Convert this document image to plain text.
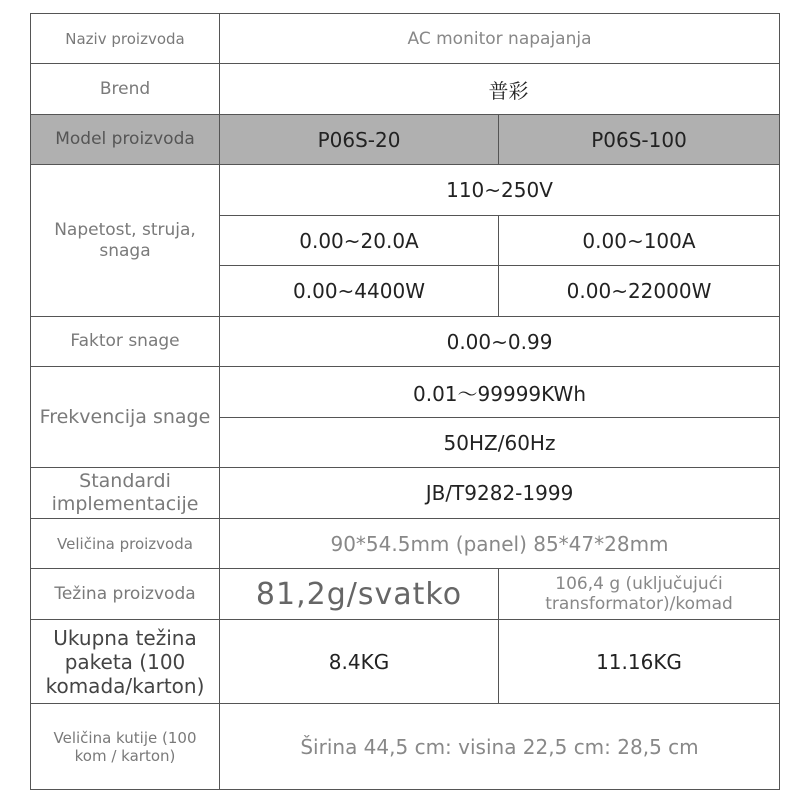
Naziv proizvoda	AC monitor napajanja	
Brend	普彩	
Model proizvoda	P06S-20	P06S-100
Napetost, struja, snaga	110~250V	
	0.00~20.0A	0.00~100A
	0.00~4400W	0.00~22000W
Faktor snage	0.00~0.99	
Frekvencija snage	0.01～99999KWh	
	50HZ/60Hz	
Standardi implementacije	JB/T9282-1999	
Veličina proizvoda	90*54.5mm (panel) 85*47*28mm	
Težina proizvoda	81,2g/svatko	106,4 g (uključujući transformator)/komad
Ukupna težina paketa (100 komada/karton)	8.4KG	11.16KG
Veličina kutije (100 kom / karton)	Širina 44,5 cm: visina 22,5 cm: 28,5 cm	
